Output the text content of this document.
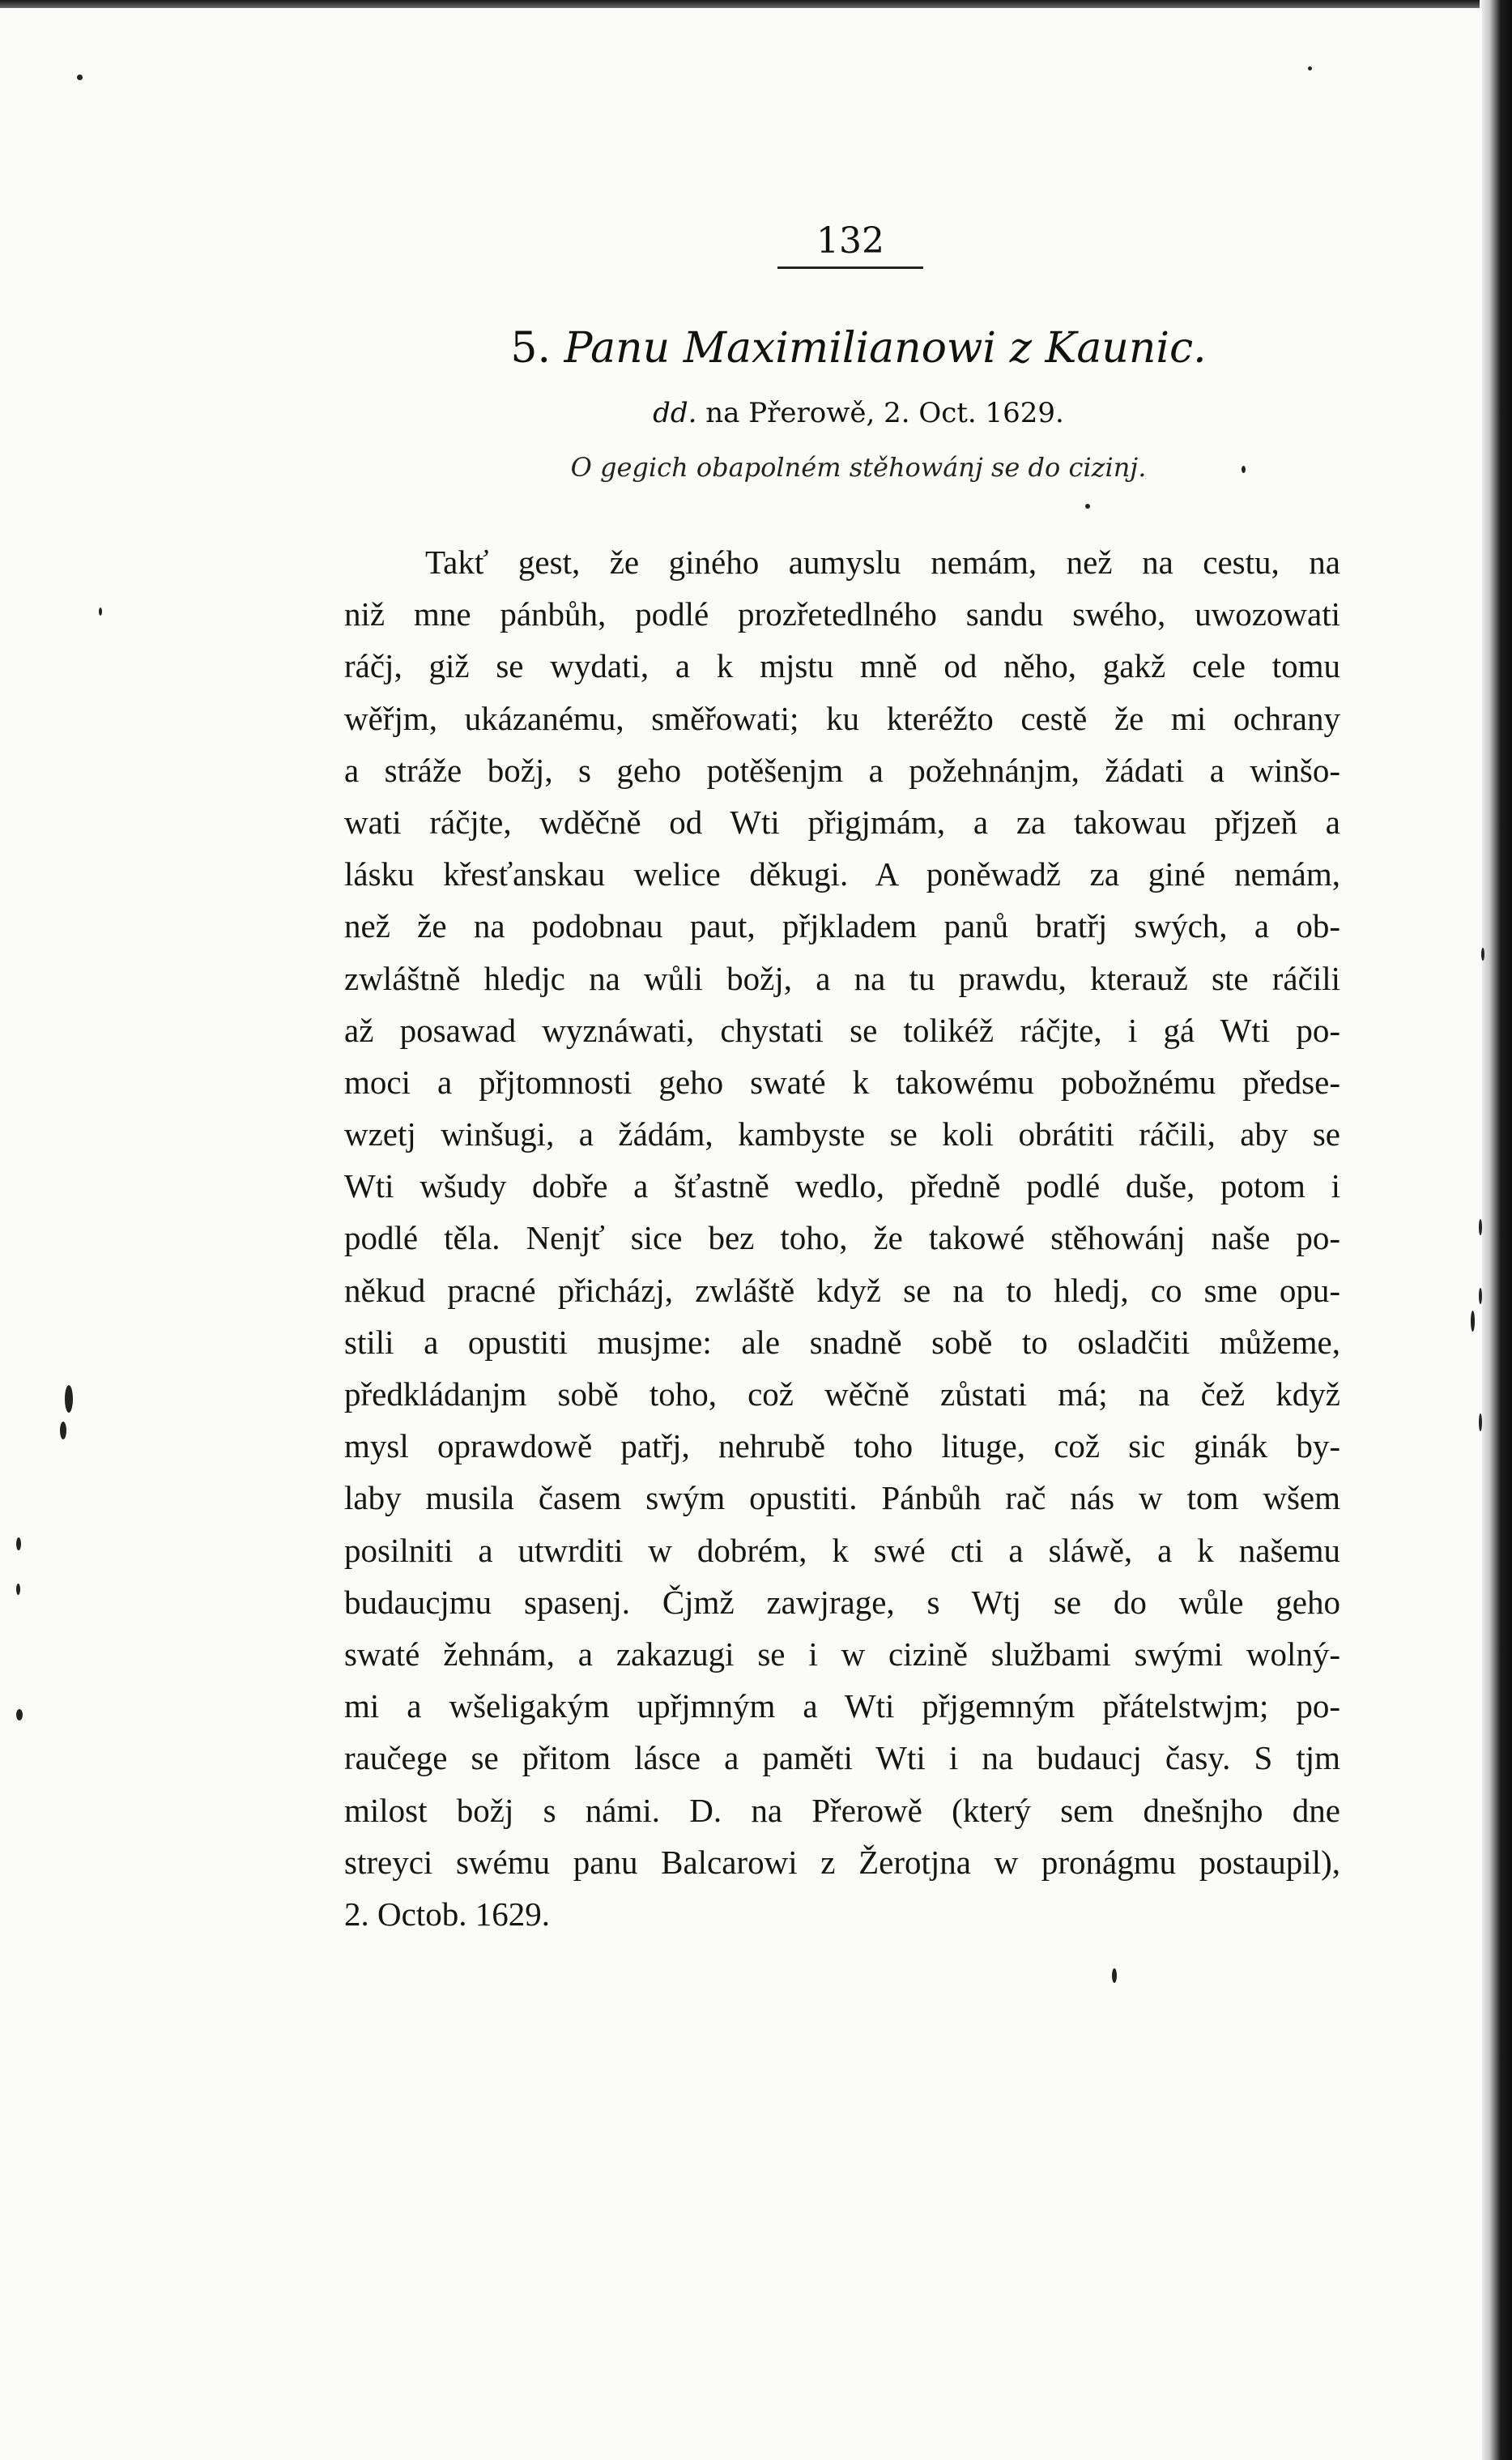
132
5. Panu Maximilianowi z Kaunic.
dd. na Přerowě, 2. Oct. 1629.
O gegich obapolném stěhowánj se do cizinj.
Takť gest, že giného aumyslu nemám, než na cestu, na
niž mne pánbůh, podlé prozřetedlného sandu swého, uwozowati
ráčj, giž se wydati, a k mjstu mně od něho, gakž cele tomu
wěřjm, ukázanému, směřowati; ku kteréžto cestě že mi ochrany
a stráže božj, s geho potěšenjm a požehnánjm, žádati a winšo-
wati ráčjte, wděčně od Wti přigjmám, a za takowau přjzeň a
lásku křesťanskau welice děkugi. A poněwadž za giné nemám,
než že na podobnau paut, přjkladem panů bratřj swých, a ob-
zwláštně hledjc na wůli božj, a na tu prawdu, kterauž ste ráčili
až posawad wyznáwati, chystati se tolikéž ráčjte, i gá Wti po-
moci a přjtomnosti geho swaté k takowému pobožnému předse-
wzetj winšugi, a žádám, kambyste se koli obrátiti ráčili, aby se
Wti wšudy dobře a šťastně wedlo, předně podlé duše, potom i
podlé těla. Nenjť sice bez toho, že takowé stěhowánj naše po-
někud pracné přicházj, zwláště když se na to hledj, co sme opu-
stili a opustiti musjme: ale snadně sobě to osladčiti můžeme,
předkládanjm sobě toho, což wěčně zůstati má; na čež když
mysl oprawdowě patřj, nehrubě toho lituge, což sic ginák by-
laby musila časem swým opustiti. Pánbůh rač nás w tom wšem
posilniti a utwrditi w dobrém, k swé cti a sláwě, a k našemu
budaucjmu spasenj. Čjmž zawjrage, s Wtj se do wůle geho
swaté žehnám, a zakazugi se i w cizině službami swými wolný-
mi a wšeligakým upřjmným a Wti přjgemným přátelstwjm; po-
raučege se přitom lásce a paměti Wti i na budaucj časy. S tjm
milost božj s námi. D. na Přerowě (který sem dnešnjho dne
streyci swému panu Balcarowi z Žerotjna w pronágmu postaupil),
2. Octob. 1629.
